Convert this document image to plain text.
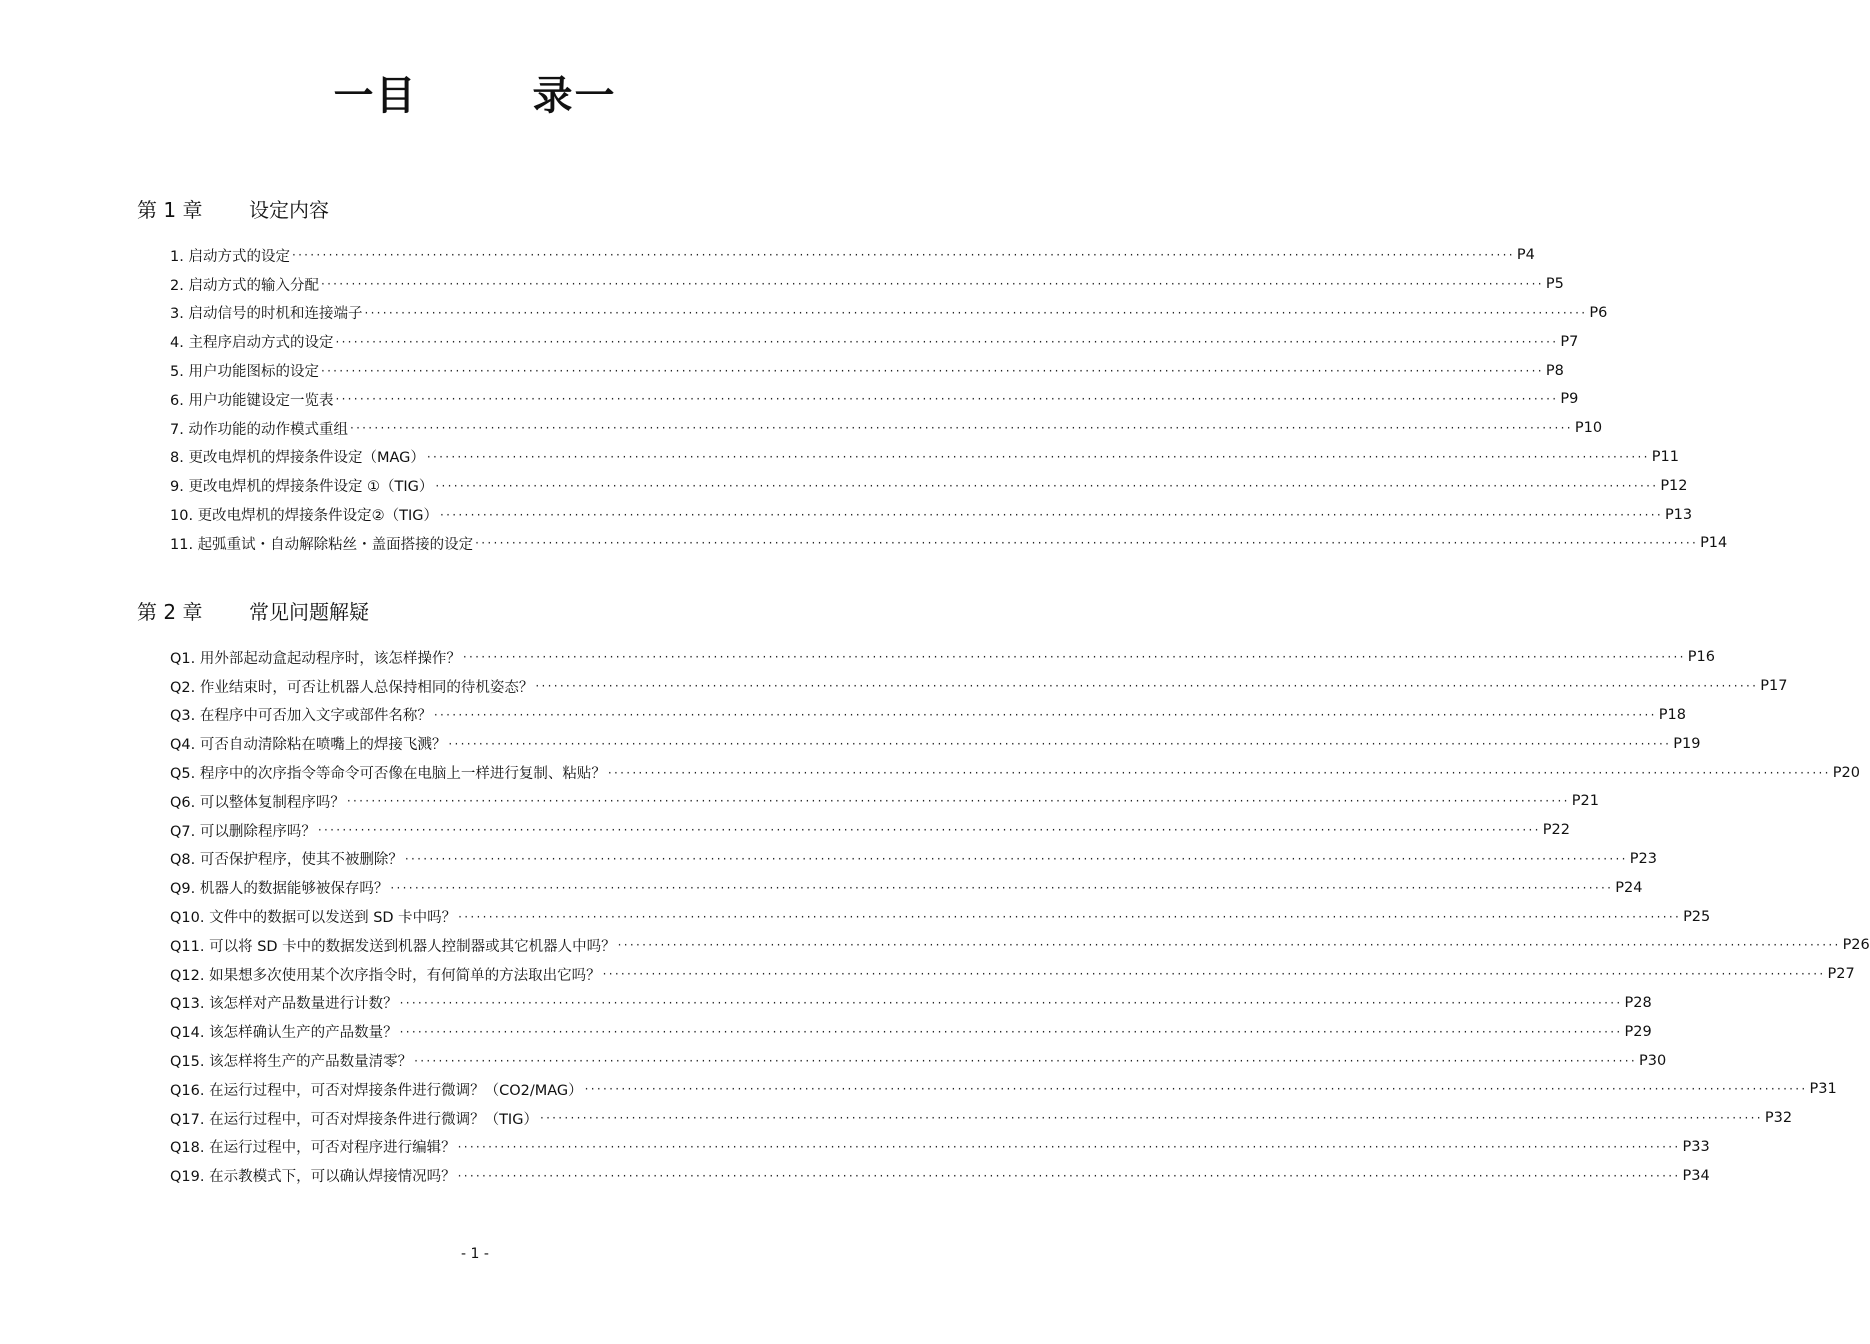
一目	录一
第 1 章 设定内容
1. 启动方式的设定 ········································································································································································································ P4
2. 启动方式的输入分配 ········································································································································································································ P5
3. 启动信号的时机和连接端子 ········································································································································································································ P6
4. 主程序启动方式的设定 ········································································································································································································ P7
5. 用户功能图标的设定 ········································································································································································································ P8
6. 用户功能键设定一览表 ········································································································································································································ P9
7. 动作功能的动作模式重组 ········································································································································································································ P10
8. 更改电焊机的焊接条件设定（MAG） ········································································································································································································ P11
9. 更改电焊机的焊接条件设定 ①（TIG） ········································································································································································································ P12
10. 更改电焊机的焊接条件设定②（TIG） ········································································································································································································ P13
11. 起弧重试・自动解除粘丝・盖面搭接的设定 ········································································································································································································ P14
第 2 章 常见问题解疑
Q1. 用外部起动盒起动程序时，该怎样操作？ ········································································································································································································ P16
Q2. 作业结束时，可否让机器人总保持相同的待机姿态？ ········································································································································································································ P17
Q3. 在程序中可否加入文字或部件名称？ ········································································································································································································ P18
Q4. 可否自动清除粘在喷嘴上的焊接飞溅？ ········································································································································································································ P19
Q5. 程序中的次序指令等命令可否像在电脑上一样进行复制、粘贴？ ········································································································································································································ P20
Q6. 可以整体复制程序吗？ ········································································································································································································ P21
Q7. 可以删除程序吗？ ········································································································································································································ P22
Q8. 可否保护程序，使其不被删除？ ········································································································································································································ P23
Q9. 机器人的数据能够被保存吗？ ········································································································································································································ P24
Q10. 文件中的数据可以发送到 SD 卡中吗？ ········································································································································································································ P25
Q11. 可以将 SD 卡中的数据发送到机器人控制器或其它机器人中吗？ ········································································································································································································ P26
Q12. 如果想多次使用某个次序指令时，有何简单的方法取出它吗？ ········································································································································································································ P27
Q13. 该怎样对产品数量进行计数？ ········································································································································································································ P28
Q14. 该怎样确认生产的产品数量？ ········································································································································································································ P29
Q15. 该怎样将生产的产品数量清零？ ········································································································································································································ P30
Q16. 在运行过程中，可否对焊接条件进行微调？（CO2/MAG） ········································································································································································································ P31
Q17. 在运行过程中，可否对焊接条件进行微调？（TIG） ········································································································································································································ P32
Q18. 在运行过程中，可否对程序进行编辑？ ········································································································································································································ P33
Q19. 在示教模式下，可以确认焊接情况吗？ ········································································································································································································ P34
- 1 -
